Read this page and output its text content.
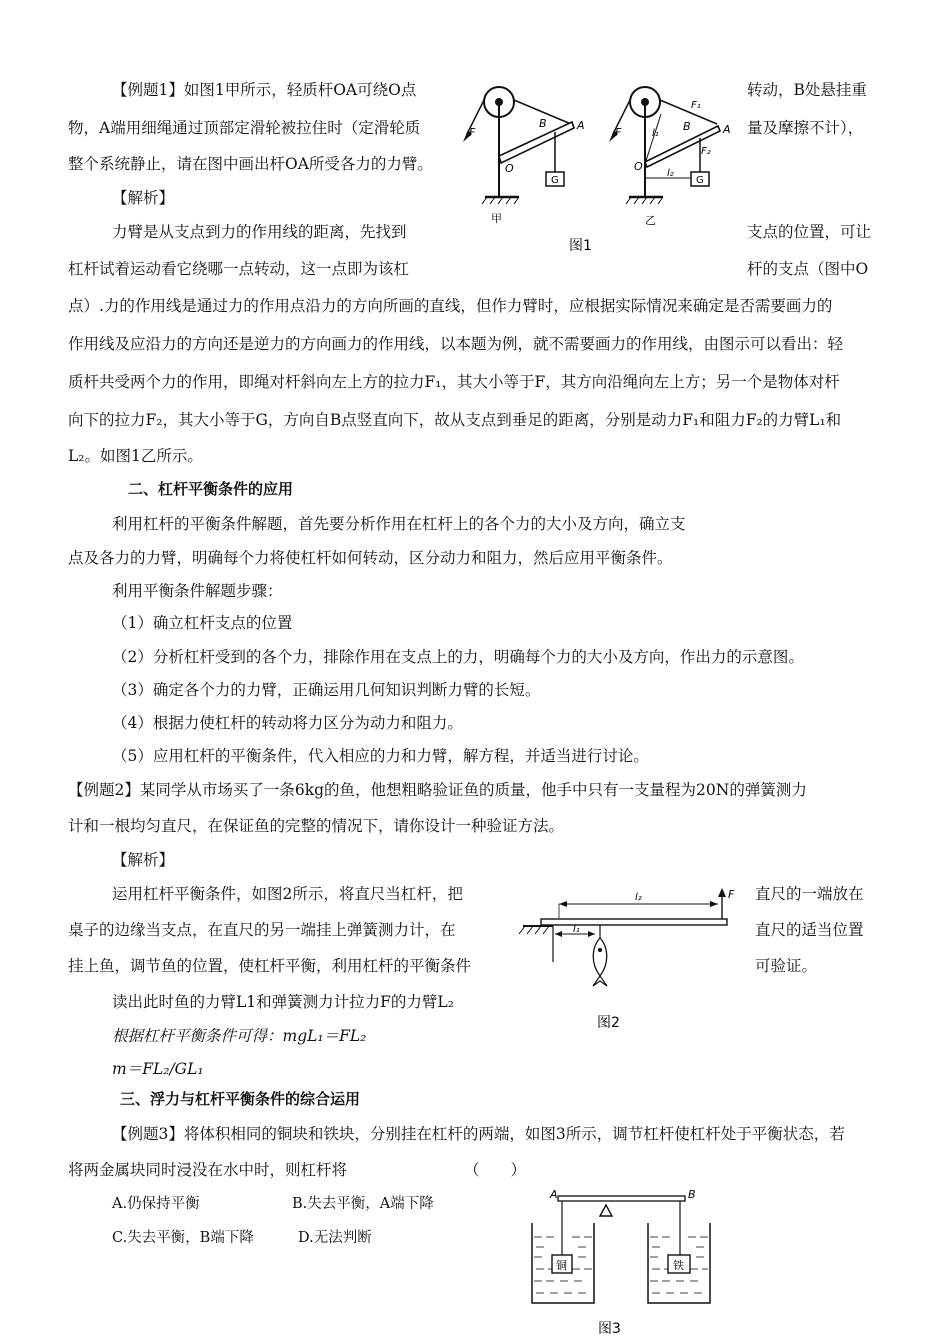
【例题1】如图1甲所示，轻质杆OA可绕O点	转动，B处悬挂重
物，A端用细绳通过顶部定滑轮被拉住时（定滑轮质	量及摩擦不计），
整个系统静止，请在图中画出杆OA所受各力的力臂。
【解析】
力臂是从支点到力的作用线的距离，先找到	支点的位置，可让
杠杆试着运动看它绕哪一点转动，这一点即为该杠	杆的支点（图中O
点）.力的作用线是通过力的作用点沿力的方向所画的直线，但作力臂时，应根据实际情况来确定是否需要画力的
作用线及应沿力的方向还是逆力的方向画力的作用线，以本题为例，就不需要画力的作用线，由图示可以看出：轻
质杆共受两个力的作用，即绳对杆斜向左上方的拉力F₁，其大小等于F，其方向沿绳向左上方；另一个是物体对杆
向下的拉力F₂，其大小等于G，方向自B点竖直向下，故从支点到垂足的距离，分别是动力F₁和阻力F₂的力臂L₁和
L₂。如图1乙所示。
F
B	A
O
G
甲
F
F₁
B	A
l₁
F₂
O
l₂
G
乙
图1
二、杠杆平衡条件的应用
利用杠杆的平衡条件解题，首先要分析作用在杠杆上的各个力的大小及方向，确立支
点及各力的力臂，明确每个力将使杠杆如何转动，区分动力和阻力，然后应用平衡条件。
利用平衡条件解题步骤：
（1）确立杠杆支点的位置
（2）分析杠杆受到的各个力，排除作用在支点上的力，明确每个力的大小及方向，作出力的示意图。
（3）确定各个力的力臂，正确运用几何知识判断力臂的长短。
（4）根据力使杠杆的转动将力区分为动力和阻力。
（5）应用杠杆的平衡条件，代入相应的力和力臂，解方程，并适当进行讨论。
【例题2】某同学从市场买了一条6kg的鱼，他想粗略验证鱼的质量，他手中只有一支量程为20N的弹簧测力
计和一根均匀直尺，在保证鱼的完整的情况下，请你设计一种验证方法。
【解析】
运用杠杆平衡条件，如图2所示，将直尺当杠杆，把	直尺的一端放在
桌子的边缘当支点，在直尺的另一端挂上弹簧测力计，在	直尺的适当位置
挂上鱼，调节鱼的位置，使杠杆平衡，利用杠杆的平衡条件	可验证。
读出此时鱼的力臂L1和弹簧测力计拉力F的力臂L₂
根据杠杆平衡条件可得：mgL₁＝FL₂
m＝FL₂/GL₁
F
l₂
l₁
图2
三、浮力与杠杆平衡条件的综合运用
【例题3】将体积相同的铜块和铁块，分别挂在杠杆的两端，如图3所示，调节杠杆使杠杆处于平衡状态，若
将两金属块同时浸没在水中时，则杠杆将	（　　）
A.仍保持平衡	B.失去平衡，A端下降
C.失去平衡，B端下降	D.无法判断
A	B
铜	铁
图3
